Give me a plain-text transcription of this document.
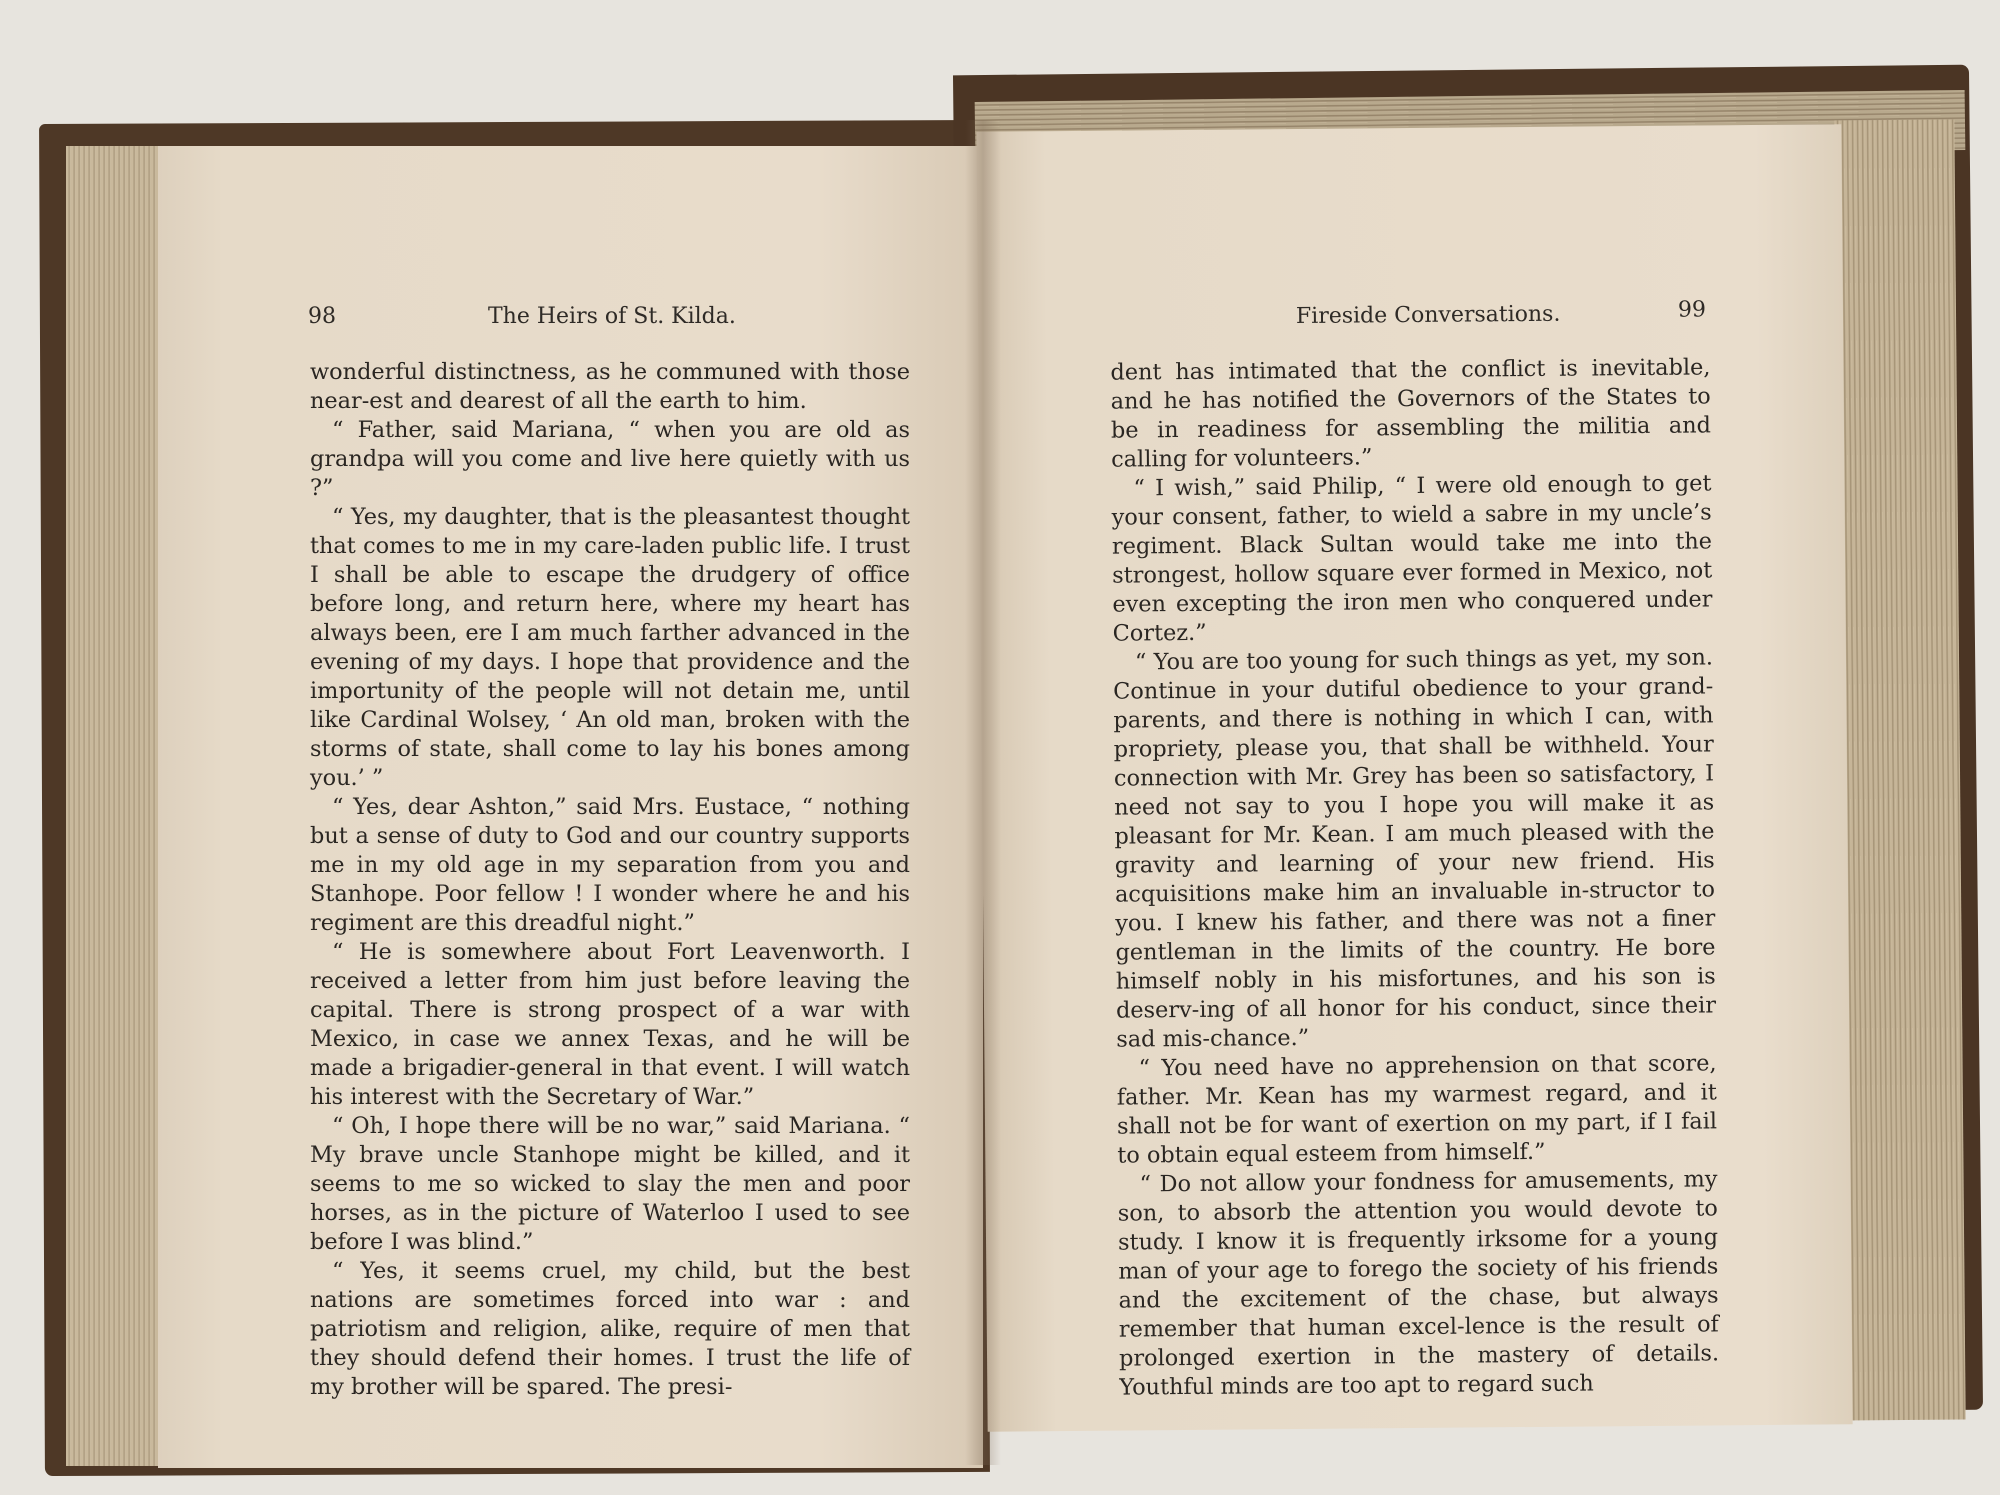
98	The Heirs of St. Kilda.

wonderful distinctness, as he communed with those near-est and dearest of all the earth to him.

“ Father, said Mariana, “ when you are old as grandpa will you come and live here quietly with us ?”

“ Yes, my daughter, that is the pleasantest thought that comes to me in my care-laden public life. I trust I shall be able to escape the drudgery of office before long, and return here, where my heart has always been, ere I am much farther advanced in the evening of my days. I hope that providence and the importunity of the people will not detain me, until like Cardinal Wolsey, ‘ An old man, broken with the storms of state, shall come to lay his bones among you.’ ”

“ Yes, dear Ashton,” said Mrs. Eustace, “ nothing but a sense of duty to God and our country supports me in my old age in my separation from you and Stanhope. Poor fellow ! I wonder where he and his regiment are this dreadful night.”

“ He is somewhere about Fort Leavenworth. I received a letter from him just before leaving the capital. There is strong prospect of a war with Mexico, in case we annex Texas, and he will be made a brigadier-general in that event. I will watch his interest with the Secretary of War.”

“ Oh, I hope there will be no war,” said Mariana. “ My brave uncle Stanhope might be killed, and it seems to me so wicked to slay the men and poor horses, as in the picture of Waterloo I used to see before I was blind.”

“ Yes, it seems cruel, my child, but the best nations are sometimes forced into war : and patriotism and religion, alike, require of men that they should defend their homes. I trust the life of my brother will be spared. The presi-

Fireside Conversations.	99

dent has intimated that the conflict is inevitable, and he has notified the Governors of the States to be in readiness for assembling the militia and calling for volunteers.”

“ I wish,” said Philip, “ I were old enough to get your consent, father, to wield a sabre in my uncle’s regiment. Black Sultan would take me into the strongest, hollow square ever formed in Mexico, not even excepting the iron men who conquered under Cortez.”

“ You are too young for such things as yet, my son. Continue in your dutiful obedience to your grand-parents, and there is nothing in which I can, with propriety, please you, that shall be withheld. Your connection with Mr. Grey has been so satisfactory, I need not say to you I hope you will make it as pleasant for Mr. Kean. I am much pleased with the gravity and learning of your new friend. His acquisitions make him an invaluable in-structor to you. I knew his father, and there was not a finer gentleman in the limits of the country. He bore himself nobly in his misfortunes, and his son is deserv-ing of all honor for his conduct, since their sad mis-chance.”

“ You need have no apprehension on that score, father. Mr. Kean has my warmest regard, and it shall not be for want of exertion on my part, if I fail to obtain equal esteem from himself.”

“ Do not allow your fondness for amusements, my son, to absorb the attention you would devote to study. I know it is frequently irksome for a young man of your age to forego the society of his friends and the excitement of the chase, but always remember that human excel-lence is the result of prolonged exertion in the mastery of details. Youthful minds are too apt to regard such
